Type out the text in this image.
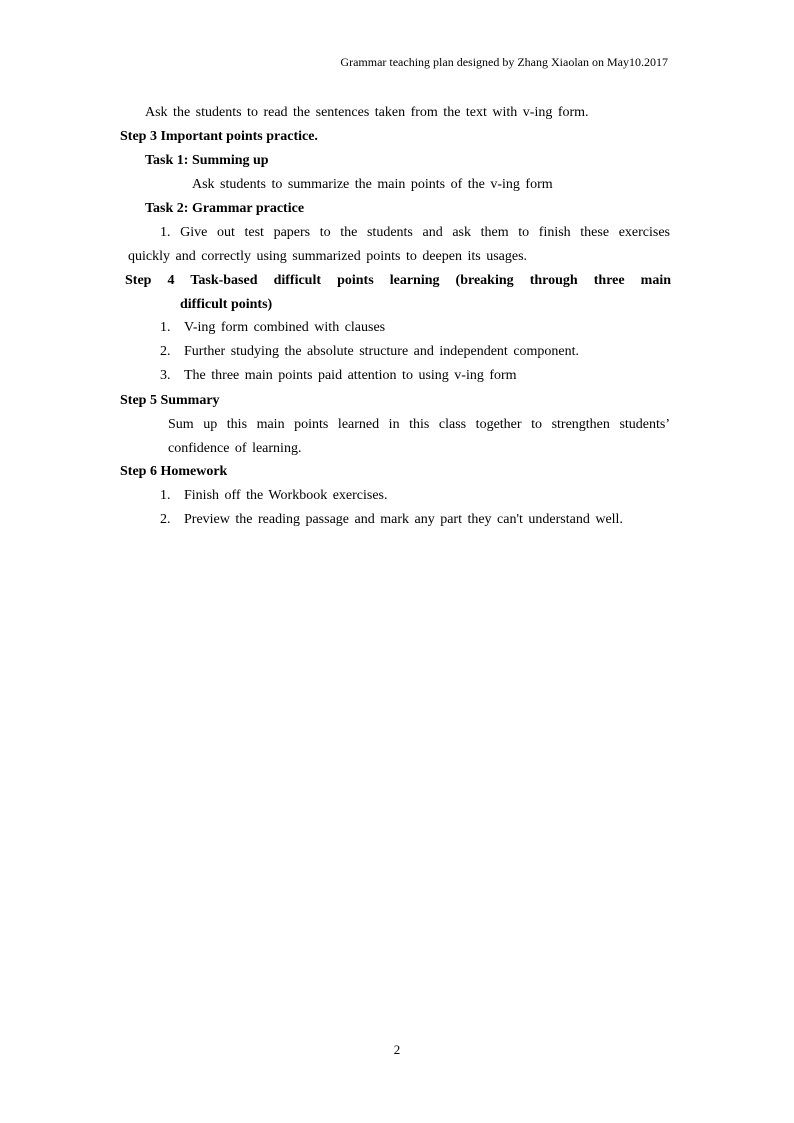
Grammar teaching plan designed by Zhang Xiaolan on May10.2017
Ask the students to read the sentences taken from the text with v-ing form.
Step 3 Important points practice.
Task 1: Summing up
Ask students to summarize the main points of the v-ing form
Task 2: Grammar practice
1. Give out test papers to the students and ask them to finish these exercises
quickly and correctly using summarized points to deepen its usages.
Step 4 Task-based difficult points learning (breaking through three main
difficult points)
1. V-ing form combined with clauses
2. Further studying the absolute structure and independent component.
3. The three main points paid attention to using v-ing form
Step 5 Summary
Sum up this main points learned in this class together to strengthen students’
confidence of learning.
Step 6 Homework
1. Finish off the Workbook exercises.
2. Preview the reading passage and mark any part they can't understand well.
2
